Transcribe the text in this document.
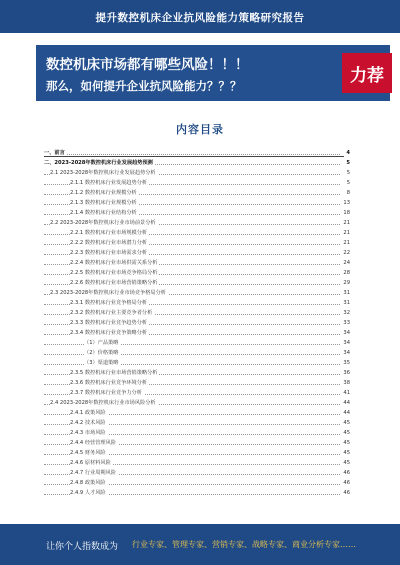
提升数控机床企业抗风险能力策略研究报告
数控机床市场都有哪些风险！！！
那么，如何提升企业抗风险能力？？？
力荐
内容目录
一、前言	4
二、2023-2028年数控机床行业发展趋势预测	5
2.1 2023-2028年数控机床行业发展趋势分析	5
2.1.1 数控机床行业发展趋势分析	5
2.1.2 数控机床行业规模分析	8
2.1.3 数控机床行业规模分析	13
2.1.4 数控机床行业结构分析	18
2.2 2023-2028年数控机床行业市场前景分析	21
2.2.1 数控机床行业市场规模分析	21
2.2.2 数控机床行业市场潜力分析	21
2.2.3 数控机床行业市场需求分析	22
2.2.4 数控机床行业市场供需关系分析	24
2.2.5 数控机床行业市场竞争格局分析	28
2.2.6 数控机床行业市场营销策略分析	29
2.3 2023-2028年数控机床行业市场竞争格局分析	31
2.3.1 数控机床行业竞争格局分析	31
2.3.2 数控机床行业主要竞争者分析	32
2.3.3 数控机床行业竞争趋势分析	33
2.3.4 数控机床行业竞争策略分析	34
（1）产品策略	34
（2）价格策略	34
（3）渠道策略	35
2.3.5 数控机床行业市场营销策略分析	36
2.3.6 数控机床行业竞争环境分析	38
2.3.7 数控机床行业竞争力分析	41
2.4 2023-2028年数控机床行业市场风险分析	44
2.4.1 政策风险	44
2.4.2 技术风险	45
2.4.3 市场风险	45
2.4.4 经营管理风险	45
2.4.5 财务风险	45
2.4.6 原材料风险	45
2.4.7 行业周期风险	46
2.4.8 政策风险	46
2.4.9 人才风险	46
让你个人指数成为 行业专家、管理专家、营销专家、战略专家、商业分析专家……
